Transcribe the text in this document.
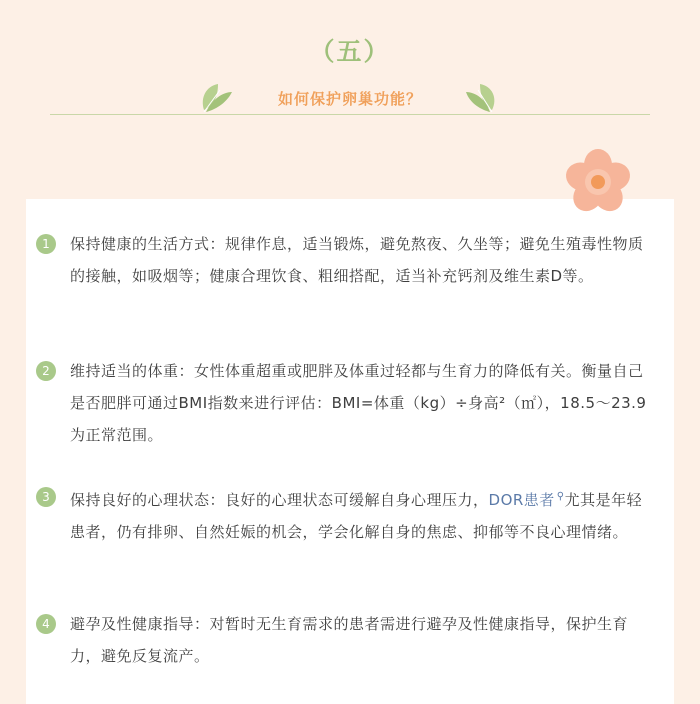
（五）
如何保护卵巢功能？
1	保持健康的生活方式：规律作息，适当锻炼，避免熬夜、久坐等；避免生殖毒性物质的接触，如吸烟等；健康合理饮食、粗细搭配，适当补充钙剂及维生素D等。
2	维持适当的体重：女性体重超重或肥胖及体重过轻都与生育力的降低有关。衡量自己是否肥胖可通过BMI指数来进行评估：BMI=体重（kg）÷身高²（㎡），18.5～23.9为正常范围。
3	保持良好的心理状态：良好的心理状态可缓解自身心理压力，DOR患者 ⚲尤其是年轻患者，仍有排卵、自然妊娠的机会，学会化解自身的焦虑、抑郁等不良心理情绪。
4	避孕及性健康指导：对暂时无生育需求的患者需进行避孕及性健康指导，保护生育力，避免反复流产。
